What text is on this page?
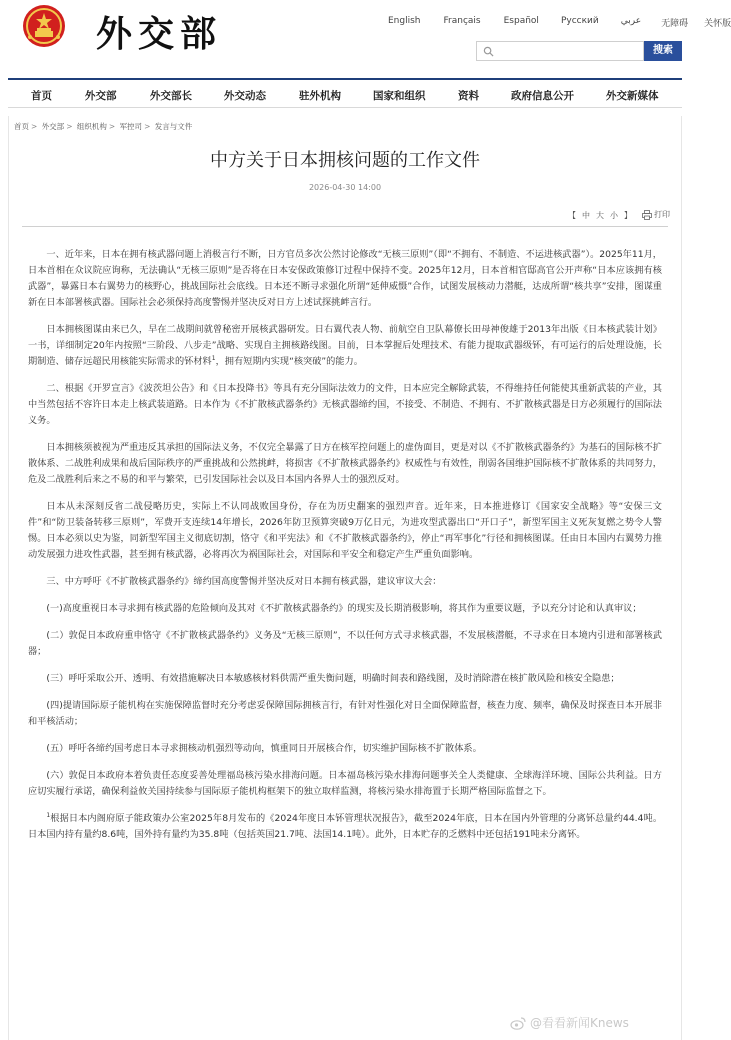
外交部	English	Français	Español Русский عربي 无障碍 关怀版
搜索
首页	外交部	外交部长	外交动态	驻外机构	国家和组织	资料	政府信息公开	外交新媒体
首页 > 外交部 > 组织机构 > 军控司 > 发言与文件
中方关于日本拥核问题的工作文件
2026-04-30 14:00
【 中 大 小 】	打印

一、近年来，日本在拥有核武器问题上消极言行不断，日方官员多次公然讨论修改“无核三原则”（即“不拥有、不制造、不运进核武器”）。2025年11月，日本首相在众议院应询称，无法确认“无核三原则”是否将在日本安保政策修订过程中保持不变。2025年12月，日本首相官邸高官公开声称“日本应该拥有核武器”，暴露日本右翼势力的核野心，挑战国际社会底线。日本还不断寻求强化所谓“延伸威慑”合作，试图发展核动力潜艇，达成所谓“核共享”安排，图谋重新在日本部署核武器。国际社会必须保持高度警惕并坚决反对日方上述试探挑衅言行。

日本拥核图谋由来已久，早在二战期间就曾秘密开展核武器研发。日右翼代表人物、前航空自卫队幕僚长田母神俊雄于2013年出版《日本核武装计划》一书，详细制定20年内按照“三阶段、八步走”战略、实现自主拥核路线图。目前，日本掌握后处理技术、有能力提取武器级钚，有可运行的后处理设施，长期制造、储存远超民用核能实际需求的钚材料$^1$，拥有短期内实现“核突破”的能力。

二、根据《开罗宣言》《波茨坦公告》和《日本投降书》等具有充分国际法效力的文件，日本应完全解除武装，不得维持任何能使其重新武装的产业，其中当然包括不容许日本走上核武装道路。日本作为《不扩散核武器条约》无核武器缔约国，不接受、不制造、不拥有、不扩散核武器是日方必须履行的国际法义务。

日本拥核须被视为严重违反其承担的国际法义务，不仅完全暴露了日方在核军控问题上的虚伪面目，更是对以《不扩散核武器条约》为基石的国际核不扩散体系、二战胜利成果和战后国际秩序的严重挑战和公然挑衅，将损害《不扩散核武器条约》权威性与有效性，削弱各国维护国际核不扩散体系的共同努力，危及二战胜利后来之不易的和平与繁荣，已引发国际社会以及日本国内各界人士的强烈反对。

日本从未深刻反省二战侵略历史，实际上不认同战败国身份，存在为历史翻案的强烈声音。近年来，日本推进修订《国家安全战略》等“安保三文件”和“防卫装备转移三原则”，军费开支连续14年增长，2026年防卫预算突破9万亿日元，为进攻型武器出口“开口子”，新型军国主义死灰复燃之势令人警惕。日本必须以史为鉴，同新型军国主义彻底切割，恪守《和平宪法》和《不扩散核武器条约》，停止“再军事化”行径和拥核图谋。任由日本国内右翼势力推动发展强力进攻性武器，甚至拥有核武器，必将再次为祸国际社会，对国际和平安全和稳定产生严重负面影响。

三、中方呼吁《不扩散核武器条约》缔约国高度警惕并坚决反对日本拥有核武器，建议审议大会：

(一)高度重视日本寻求拥有核武器的危险倾向及其对《不扩散核武器条约》的现实及长期消极影响，将其作为重要议题，予以充分讨论和认真审议；

(二）敦促日本政府重申恪守《不扩散核武器条约》义务及“无核三原则”，不以任何方式寻求核武器，不发展核潜艇，不寻求在日本境内引进和部署核武器；

(三）呼吁采取公开、透明、有效措施解决日本敏感核材料供需严重失衡问题，明确时间表和路线图，及时消除潜在核扩散风险和核安全隐患；

(四)提请国际原子能机构在实施保障监督时充分考虑妥保障国际拥核言行，有针对性强化对日全面保障监督，核查力度、频率，确保及时探查日本开展非和平核活动；

(五）呼吁各缔约国考虑日本寻求拥核动机强烈等动向，慎重同日开展核合作，切实维护国际核不扩散体系。

(六）敦促日本政府本着负责任态度妥善处理福岛核污染水排海问题。日本福岛核污染水排海问题事关全人类健康、全球海洋环境、国际公共利益。日方应切实履行承诺，确保利益攸关国持续参与国际原子能机构框架下的独立取样监测，将核污染水排海置于长期严格国际监督之下。

$^1$根据日本内阁府原子能政策办公室2025年8月发布的《2024年度日本钚管理状况报告》，截至2024年底，日本在国内外管理的分离钚总量约44.4吨。日本国内持有量约8.6吨，国外持有量约为35.8吨（包括英国21.7吨、法国14.1吨）。此外，日本贮存的乏燃料中还包括191吨未分离钚。

@看看新闻Knews
